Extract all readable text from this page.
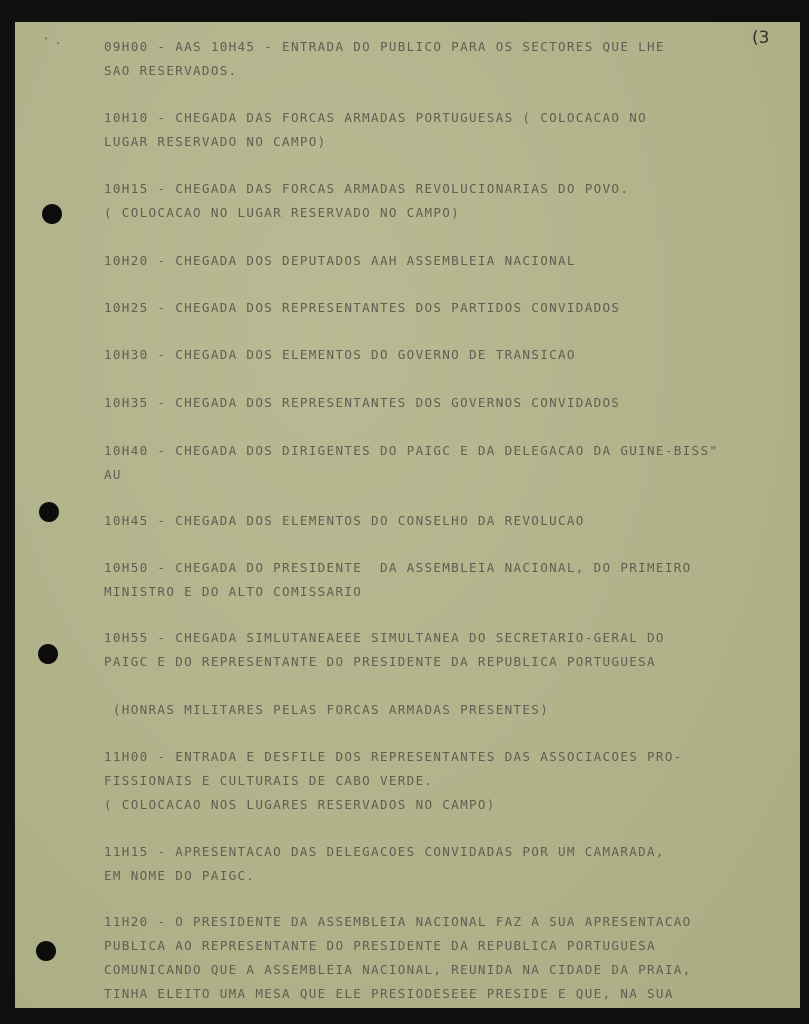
(3
' .	09H00 - AAS 10H45 - ENTRADA DO PUBLICO PARA OS SECTORES QUE LHE
SAO RESERVADOS.
10H10 - CHEGADA DAS FORCAS ARMADAS PORTUGUESAS ( COLOCACAO NO
LUGAR RESERVADO NO CAMPO)
10H15 - CHEGADA DAS FORCAS ARMADAS REVOLUCIONARIAS DO POVO.
( COLOCACAO NO LUGAR RESERVADO NO CAMPO)
10H20 - CHEGADA DOS DEPUTADOS AAH ASSEMBLEIA NACIONAL
10H25 - CHEGADA DOS REPRESENTANTES DOS PARTIDOS CONVIDADOS
10H30 - CHEGADA DOS ELEMENTOS DO GOVERNO DE TRANSICAO
10H35 - CHEGADA DOS REPRESENTANTES DOS GOVERNOS CONVIDADOS
10H40 - CHEGADA DOS DIRIGENTES DO PAIGC E DA DELEGACAO DA GUINE-BISS"
AU
10H45 - CHEGADA DOS ELEMENTOS DO CONSELHO DA REVOLUCAO
10H50 - CHEGADA DO PRESIDENTE  DA ASSEMBLEIA NACIONAL, DO PRIMEIRO
MINISTRO E DO ALTO COMISSARIO
10H55 - CHEGADA SIMLUTANEAEEE SIMULTANEA DO SECRETARIO-GERAL DO
PAIGC E DO REPRESENTANTE DO PRESIDENTE DA REPUBLICA PORTUGUESA
(HONRAS MILITARES PELAS FORCAS ARMADAS PRESENTES)
11H00 - ENTRADA E DESFILE DOS REPRESENTANTES DAS ASSOCIACOES PRO-
FISSIONAIS E CULTURAIS DE CABO VERDE.
( COLOCACAO NOS LUGARES RESERVADOS NO CAMPO)
11H15 - APRESENTACAO DAS DELEGACOES CONVIDADAS POR UM CAMARADA,
EM NOME DO PAIGC.
11H20 - O PRESIDENTE DA ASSEMBLEIA NACIONAL FAZ A SUA APRESENTACAO
PUBLICA AO REPRESENTANTE DO PRESIDENTE DA REPUBLICA PORTUGUESA
COMUNICANDO QUE A ASSEMBLEIA NACIONAL, REUNIDA NA CIDADE DA PRAIA,
TINHA ELEITO UMA MESA QUE ELE PRESIODESEEE PRESIDE E QUE, NA SUA
